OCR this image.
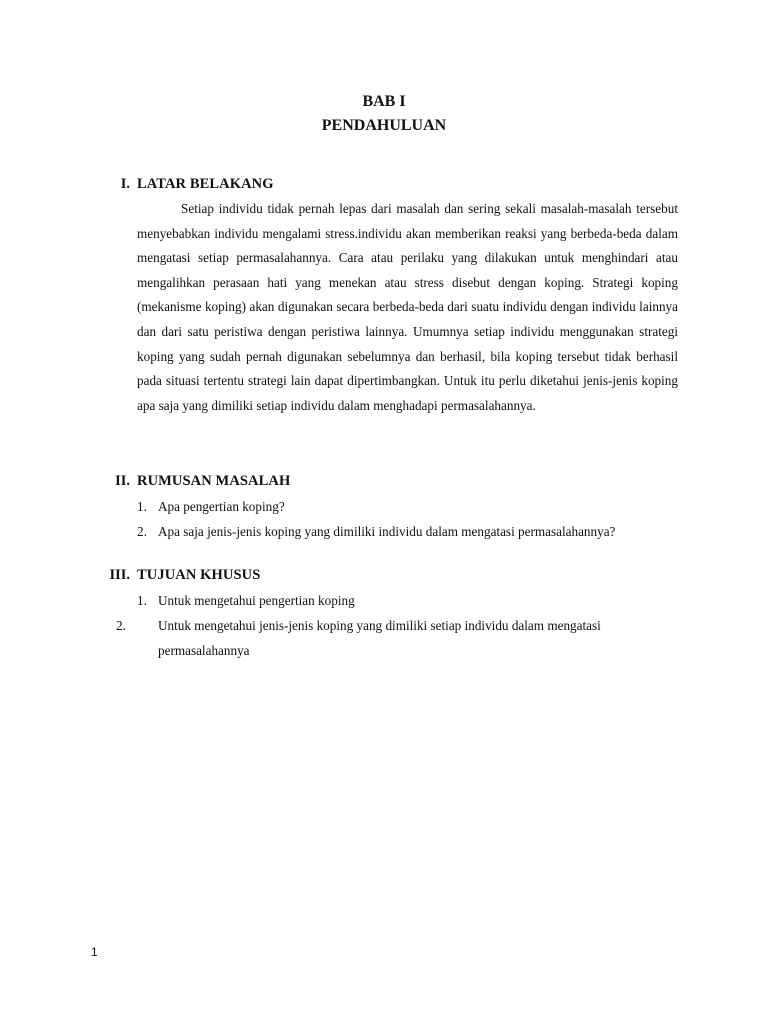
BAB I
PENDAHULUAN
I. LATAR BELAKANG
Setiap individu tidak pernah lepas dari masalah dan sering sekali masalah-masalah tersebut menyebabkan individu mengalami stress.individu akan memberikan reaksi yang berbeda-beda dalam mengatasi setiap permasalahannya. Cara atau perilaku yang dilakukan untuk menghindari atau mengalihkan perasaan hati yang menekan atau stress disebut dengan koping. Strategi koping (mekanisme koping) akan digunakan secara berbeda-beda dari suatu individu dengan individu lainnya dan dari satu peristiwa dengan peristiwa lainnya. Umumnya setiap individu menggunakan strategi koping yang sudah pernah digunakan sebelumnya dan berhasil, bila koping tersebut tidak berhasil pada situasi tertentu strategi lain dapat dipertimbangkan. Untuk itu perlu diketahui jenis-jenis koping apa saja yang dimiliki setiap individu dalam menghadapi permasalahannya.
II. RUMUSAN MASALAH
1. Apa pengertian koping?
2. Apa saja jenis-jenis koping yang dimiliki individu dalam mengatasi permasalahannya?
III. TUJUAN KHUSUS
1. Untuk mengetahui pengertian koping
2. Untuk mengetahui jenis-jenis koping yang dimiliki setiap individu dalam mengatasi permasalahannya
1
